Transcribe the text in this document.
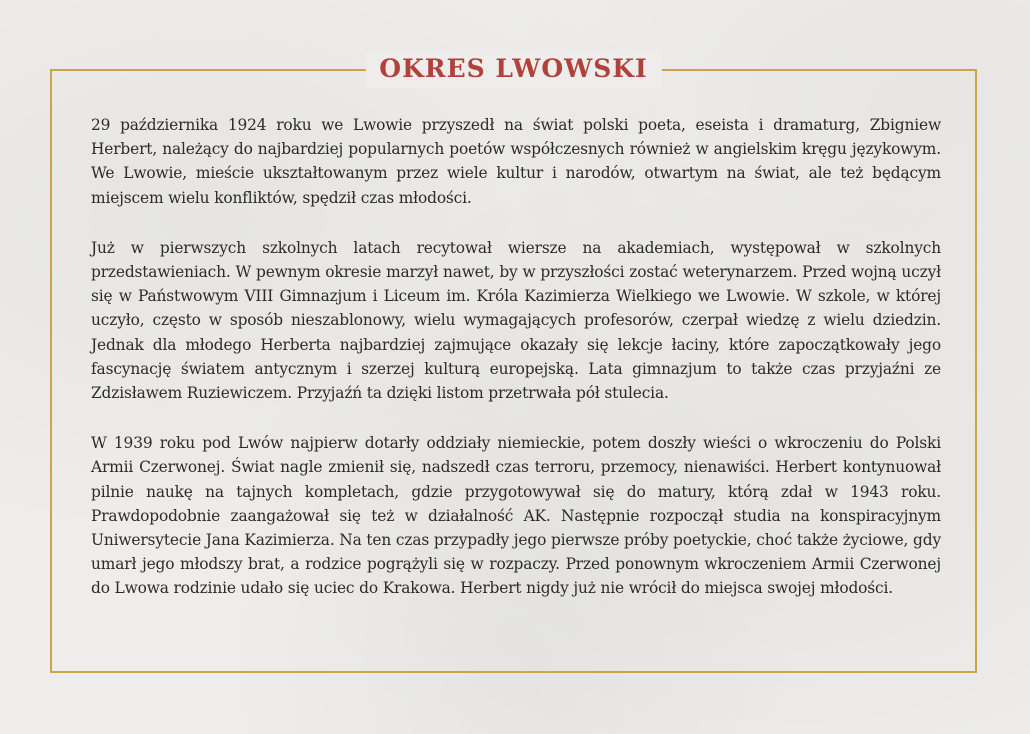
OKRES LWOWSKI

29 października 1924 roku we Lwowie przyszedł na świat polski poeta, eseista i dramaturg, Zbigniew Herbert, należący do najbardziej popularnych poetów współczesnych również w angielskim kręgu językowym. We Lwowie, mieście ukształtowanym przez wiele kultur i narodów, otwartym na świat, ale też będącym miejscem wielu konfliktów, spędził czas młodości.

Już w pierwszych szkolnych latach recytował wiersze na akademiach, występował w szkolnych przedstawieniach. W pewnym okresie marzył nawet, by w przyszłości zostać weterynarzem. Przed wojną uczył się w Państwowym VIII Gimnazjum i Liceum im. Króla Kazimierza Wielkiego we Lwowie. W szkole, w której uczyło, często w sposób nieszablonowy, wielu wymagających profesorów, czerpał wiedzę z wielu dziedzin. Jednak dla młodego Herberta najbardziej zajmujące okazały się lekcje łaciny, które zapoczątkowały jego fascynację światem antycznym i szerzej kulturą europejską. Lata gimnazjum to także czas przyjaźni ze Zdzisławem Ruziewiczem. Przyjaźń ta dzięki listom przetrwała pół stulecia.

W 1939 roku pod Lwów najpierw dotarły oddziały niemieckie, potem doszły wieści o wkroczeniu do Polski Armii Czerwonej. Świat nagle zmienił się, nadszedł czas terroru, przemocy, nienawiści. Herbert kontynuował pilnie naukę na tajnych kompletach, gdzie przygotowywał się do matury, którą zdał w 1943 roku. Prawdopodobnie zaangażował się też w działalność AK. Następnie rozpoczął studia na konspiracyjnym Uniwersytecie Jana Kazimierza. Na ten czas przypadły jego pierwsze próby poetyckie, choć także życiowe, gdy umarł jego młodszy brat, a rodzice pogrążyli się w rozpaczy. Przed ponownym wkroczeniem Armii Czerwonej do Lwowa rodzinie udało się uciec do Krakowa. Herbert nigdy już nie wrócił do miejsca swojej młodości.
